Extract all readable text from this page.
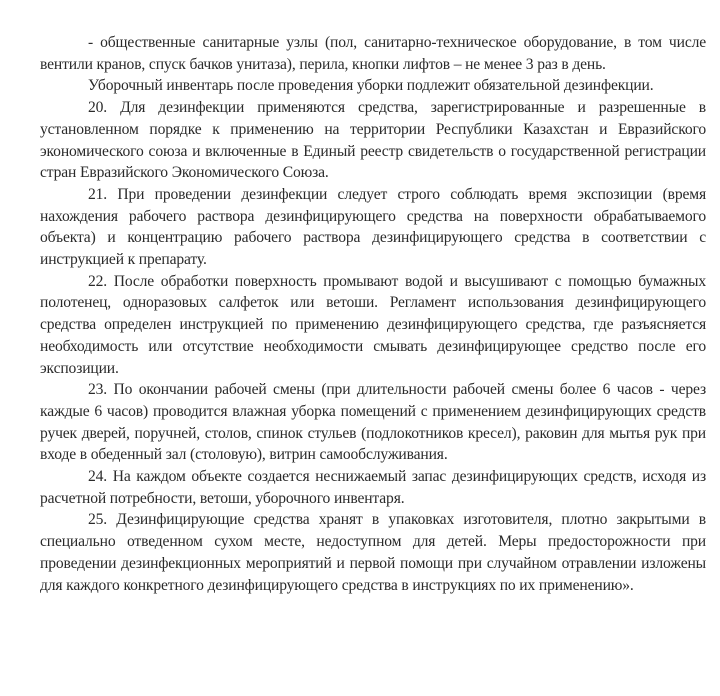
- общественные санитарные узлы (пол, санитарно-техническое оборудование, в том числе вентили кранов, спуск бачков унитаза), перила, кнопки лифтов – не менее 3 раз в день.

Уборочный инвентарь после проведения уборки подлежит обязательной дезинфекции.

20. Для дезинфекции применяются средства, зарегистрированные и разрешенные в установленном порядке к применению на территории Республики Казахстан и Евразийского экономического союза и включенные в Единый реестр свидетельств о государственной регистрации стран Евразийского Экономического Союза.

21. При проведении дезинфекции следует строго соблюдать время экспозиции (время нахождения рабочего раствора дезинфицирующего средства на поверхности обрабатываемого объекта) и концентрацию рабочего раствора дезинфицирующего средства в соответствии с инструкцией к препарату.

22. После обработки поверхность промывают водой и высушивают с помощью бумажных полотенец, одноразовых салфеток или ветоши. Регламент использования дезинфицирующего средства определен инструкцией по применению дезинфицирующего средства, где разъясняется необходимость или отсутствие необходимости смывать дезинфицирующее средство после его экспозиции.

23. По окончании рабочей смены (при длительности рабочей смены более 6 часов - через каждые 6 часов) проводится влажная уборка помещений с применением дезинфицирующих средств ручек дверей, поручней, столов, спинок стульев (подлокотников кресел), раковин для мытья рук при входе в обеденный зал (столовую), витрин самообслуживания.

24. На каждом объекте создается неснижаемый запас дезинфицирующих средств, исходя из расчетной потребности, ветоши, уборочного инвентаря.

25. Дезинфицирующие средства хранят в упаковках изготовителя, плотно закрытыми в специально отведенном сухом месте, недоступном для детей. Меры предосторожности при проведении дезинфекционных мероприятий и первой помощи при случайном отравлении изложены для каждого конкретного дезинфицирующего средства в инструкциях по их применению».
